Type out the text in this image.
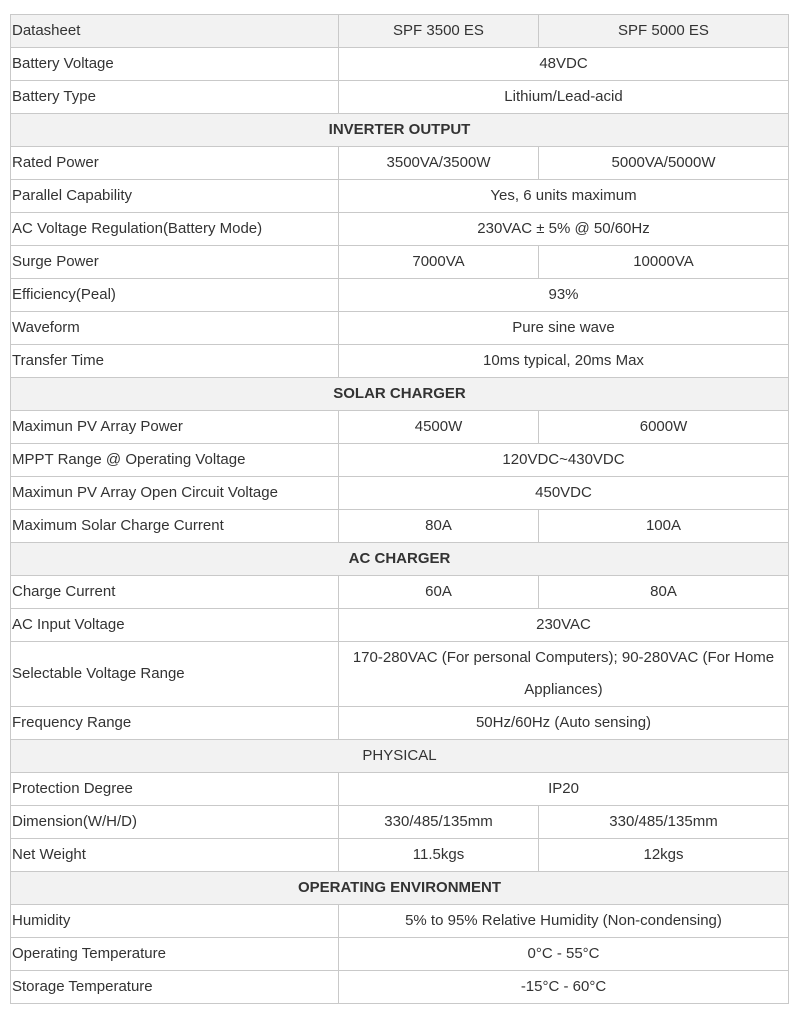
Datasheet	SPF 3500 ES	SPF 5000 ES
Battery Voltage	48VDC	
Battery Type	Lithium/Lead-acid	
INVERTER OUTPUT		
Rated Power	3500VA/3500W	5000VA/5000W
Parallel Capability	Yes, 6 units maximum	
AC Voltage Regulation(Battery Mode)	230VAC ± 5% @ 50/60Hz	
Surge Power	7000VA	10000VA
Efficiency(Peal)	93%	
Waveform	Pure sine wave	
Transfer Time	10ms typical, 20ms Max	
SOLAR CHARGER		
Maximun PV Array Power	4500W	6000W
MPPT Range @ Operating Voltage	120VDC~430VDC	
Maximun PV Array Open Circuit Voltage	450VDC	
Maximum Solar Charge Current	80A	100A
AC CHARGER		
Charge Current	60A	80A
AC Input Voltage	230VAC	
Selectable Voltage Range	170-280VAC (For personal Computers); 90-280VAC (For Home Appliances)	
Frequency Range	50Hz/60Hz (Auto sensing)	
PHYSICAL		
Protection Degree	IP20	
Dimension(W/H/D)	330/485/135mm	330/485/135mm
Net Weight	11.5kgs	12kgs
OPERATING ENVIRONMENT		
Humidity	5% to 95% Relative Humidity (Non-condensing)	
Operating Temperature	0°C - 55°C	
Storage Temperature	-15°C - 60°C	
